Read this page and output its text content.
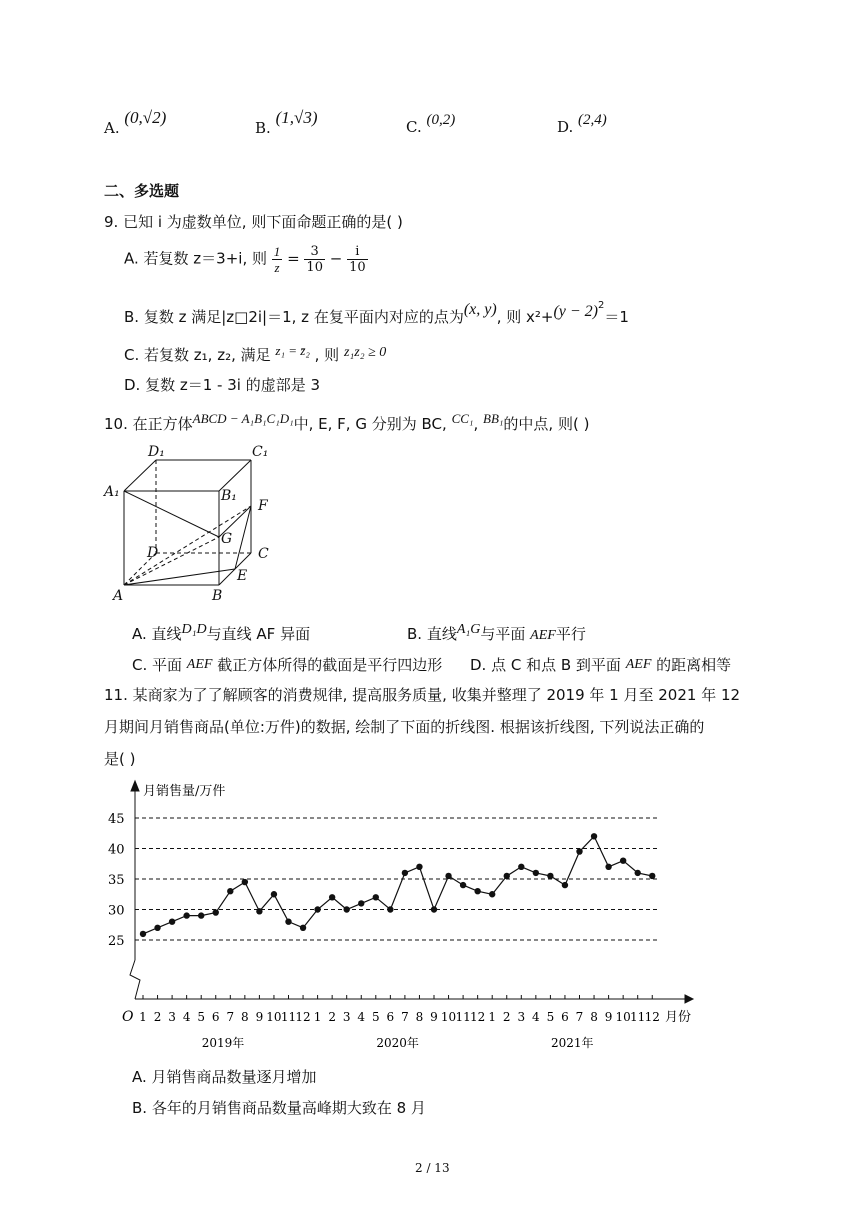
A. (0,√2)
B. (1,√3)	C. (0,2)	D. (2,4)
二、多选题
9. 已知 i 为虚数单位, 则下面命题正确的是( )
A. 若复数 z＝3+i, 则 $\frac{1}{z} = \frac{3}{10} - \frac{i}{10}$
B. 复数 z 满足|z□2i|＝1, z 在复平面内对应的点为(x, y), 则 $x^2+(y - 2)^2=1$
C. 若复数 z₁, z₂, 满足 z₁ = z̄₂ , 则 z₁z₂ ≥ 0
D. 复数 z＝1 - 3i 的虚部是 3
10. 在正方体ABCD − A₁B₁C₁D₁中, E, F, G 分别为 BC, CC₁, BB₁的中点, 则( )
D₁	C₁
A₁	B₁
F
G
D	C
E
A	B
A. 直线D₁D与直线 AF 异面	B. 直线A₁G与平面 AEF平行
C. 平面 AEF 截正方体所得的截面是平行四边形 D. 点 C 和点 B 到平面 AEF 的距离相等
11. 某商家为了了解顾客的消费规律, 提高服务质量, 收集并整理了 2019 年 1 月至 2021 年 12
月期间月销售商品(单位:万件)的数据, 绘制了下面的折线图. 根据该折线图, 下列说法正确的
是( )
月销售量/万件
O	月份
25
30
35
40
45
1 2 3 4 5 6 7 8 9 10 11 12 1 2 3 4 5 6 7 8 9 10 11 12 1 2 3 4 5 6 7 8 9 10 11 12
2019年	2020年	2021年
A. 月销售商品数量逐月增加
B. 各年的月销售商品数量高峰期大致在 8 月
2 / 13
